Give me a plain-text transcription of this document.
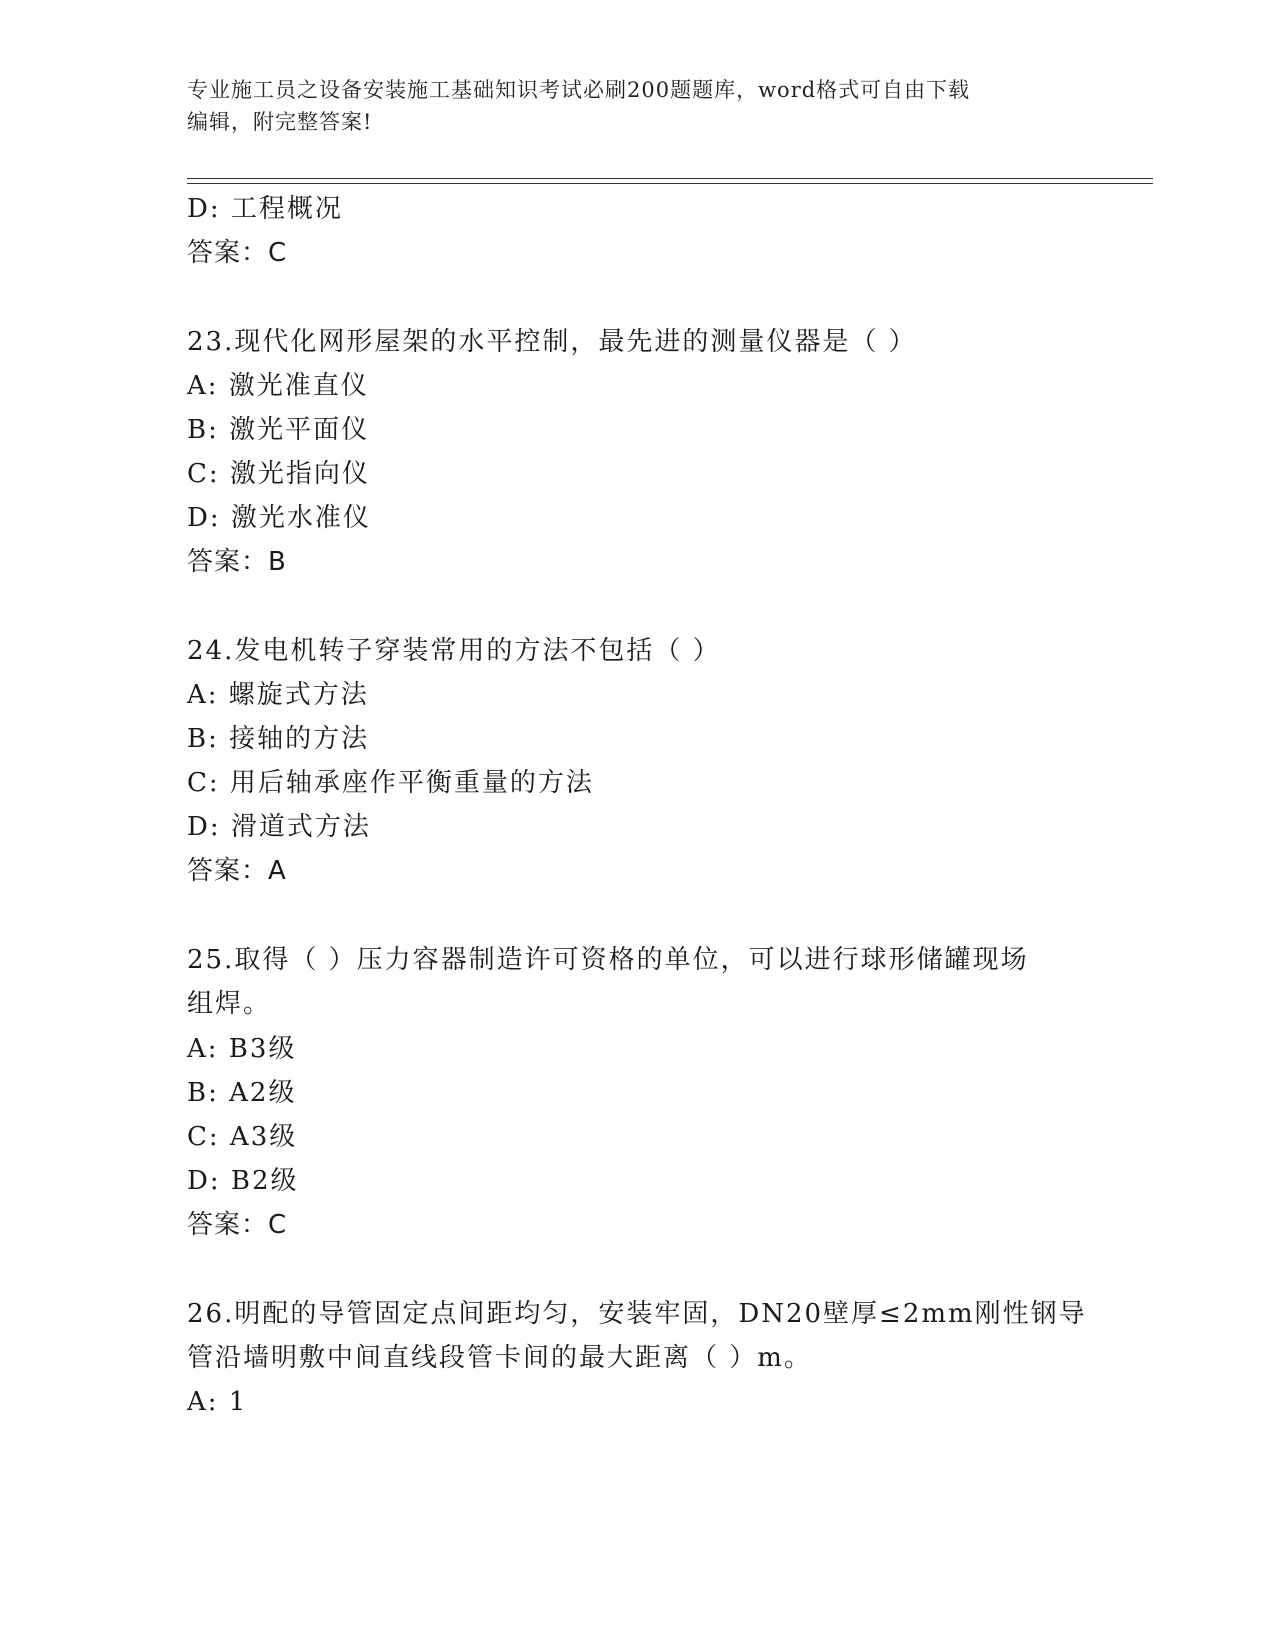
专业施工员之设备安装施工基础知识考试必刷200题题库，word格式可自由下载
编辑，附完整答案!
D: 工程概况
答案：C
23.现代化网形屋架的水平控制，最先进的测量仪器是（ ）
A: 激光准直仪
B: 激光平面仪
C: 激光指向仪
D: 激光水准仪
答案：B
24.发电机转子穿装常用的方法不包括（ ）
A: 螺旋式方法
B: 接轴的方法
C: 用后轴承座作平衡重量的方法
D: 滑道式方法
答案：A
25.取得（ ）压力容器制造许可资格的单位，可以进行球形储罐现场
组焊。
A: B3级
B: A2级
C: A3级
D: B2级
答案：C
26.明配的导管固定点间距均匀，安装牢固，DN20壁厚≤2mm刚性钢导
管沿墙明敷中间直线段管卡间的最大距离（ ）m。
A: 1
